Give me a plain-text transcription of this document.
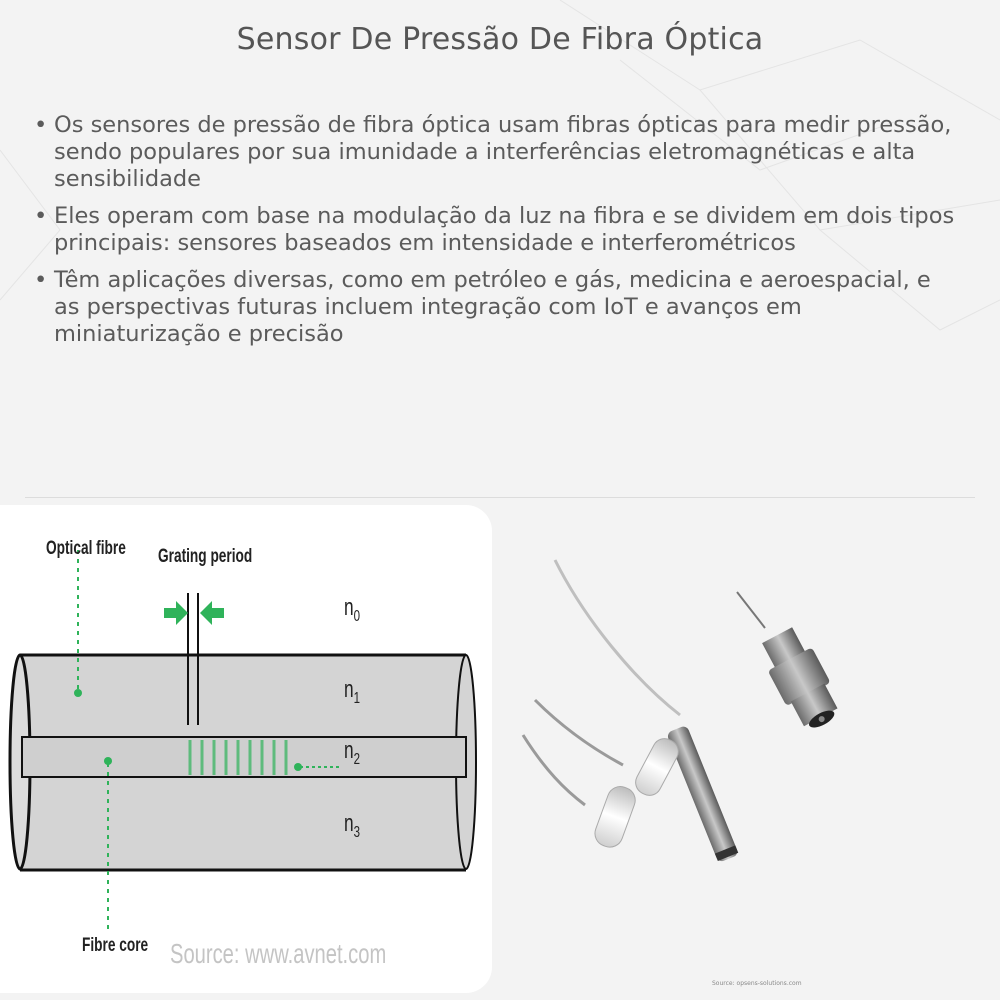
Sensor De Pressão De Fibra Óptica
• Os sensores de pressão de fibra óptica usam fibras ópticas para medir pressão, sendo populares por sua imunidade a interferências eletromagnéticas e alta sensibilidade
• Eles operam com base na modulação da luz na fibra e se dividem em dois tipos principais: sensores baseados em intensidade e interferométricos
• Têm aplicações diversas, como em petróleo e gás, medicina e aeroespacial, e as perspectivas futuras incluem integração com IoT e avanços em miniaturização e precisão
Optical fibre Grating period
Fibre core
$n_0$
$n_1$
$n_2$
$n_3$
Source: www.avnet.com
Source: opsens-solutions.com
